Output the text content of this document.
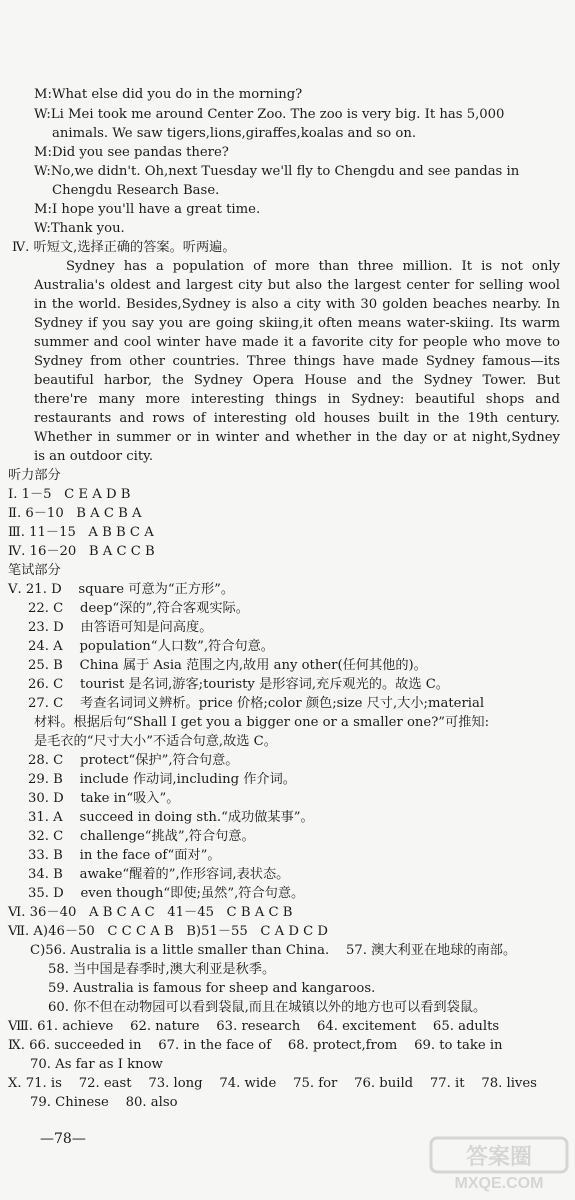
M:What else did you do in the morning?
W:Li Mei took me around Center Zoo. The zoo is very big. It has 5,000
animals. We saw tigers,lions,giraffes,koalas and so on.
M:Did you see pandas there?
W:No,we didn't. Oh,next Tuesday we'll fly to Chengdu and see pandas in
Chengdu Research Base.
M:I hope you'll have a great time.
W:Thank you.
Ⅳ. 听短文,选择正确的答案。听两遍。
Sydney has a population of more than three million. It is not only
Australia's oldest and largest city but also the largest center for selling wool
in the world. Besides,Sydney is also a city with 30 golden beaches nearby. In
Sydney if you say you are going skiing,it often means water-skiing. Its warm
summer and cool winter have made it a favorite city for people who move to
Sydney from other countries. Three things have made Sydney famous—its
beautiful harbor, the Sydney Opera House and the Sydney Tower. But
there're many more interesting things in Sydney: beautiful shops and
restaurants and rows of interesting old houses built in the 19th century.
Whether in summer or in winter and whether in the day or at night,Sydney
is an outdoor city.
听力部分
Ⅰ. 1－5   C E A D B
Ⅱ. 6－10   B A C B A
Ⅲ. 11－15   A B B C A
Ⅳ. 16－20   B A C C B
笔试部分
Ⅴ. 21. D    square 可意为“正方形”。
22. C    deep“深的”,符合客观实际。
23. D    由答语可知是问高度。
24. A    population“人口数”,符合句意。
25. B    China 属于 Asia 范围之内,故用 any other(任何其他的)。
26. C    tourist 是名词,游客;touristy 是形容词,充斥观光的。故选 C。
27. C    考查名词词义辨析。price 价格;color 颜色;size 尺寸,大小;material
材料。根据后句“Shall I get you a bigger one or a smaller one?”可推知:
是毛衣的“尺寸大小”不适合句意,故选 C。
28. C    protect“保护”,符合句意。
29. B    include 作动词,including 作介词。
30. D    take in“吸入”。
31. A    succeed in doing sth.“成功做某事”。
32. C    challenge“挑战”,符合句意。
33. B    in the face of“面对”。
34. B    awake“醒着的”,作形容词,表状态。
35. D    even though“即使;虽然”,符合句意。
Ⅵ. 36－40   A B C A C   41－45   C B A C B
Ⅶ. A)46－50   C C C A B   B)51－55   C A D C D
C)56. Australia is a little smaller than China.    57. 澳大利亚在地球的南部。
58. 当中国是春季时,澳大利亚是秋季。
59. Australia is famous for sheep and kangaroos.
60. 你不但在动物园可以看到袋鼠,而且在城镇以外的地方也可以看到袋鼠。
Ⅷ. 61. achieve    62. nature    63. research    64. excitement    65. adults
Ⅸ. 66. succeeded in    67. in the face of    68. protect,from    69. to take in
70. As far as I know
Ⅹ. 71. is    72. east    73. long    74. wide    75. for    76. build    77. it    78. lives
79. Chinese    80. also
—78—
答案圈
MXQE.COM
